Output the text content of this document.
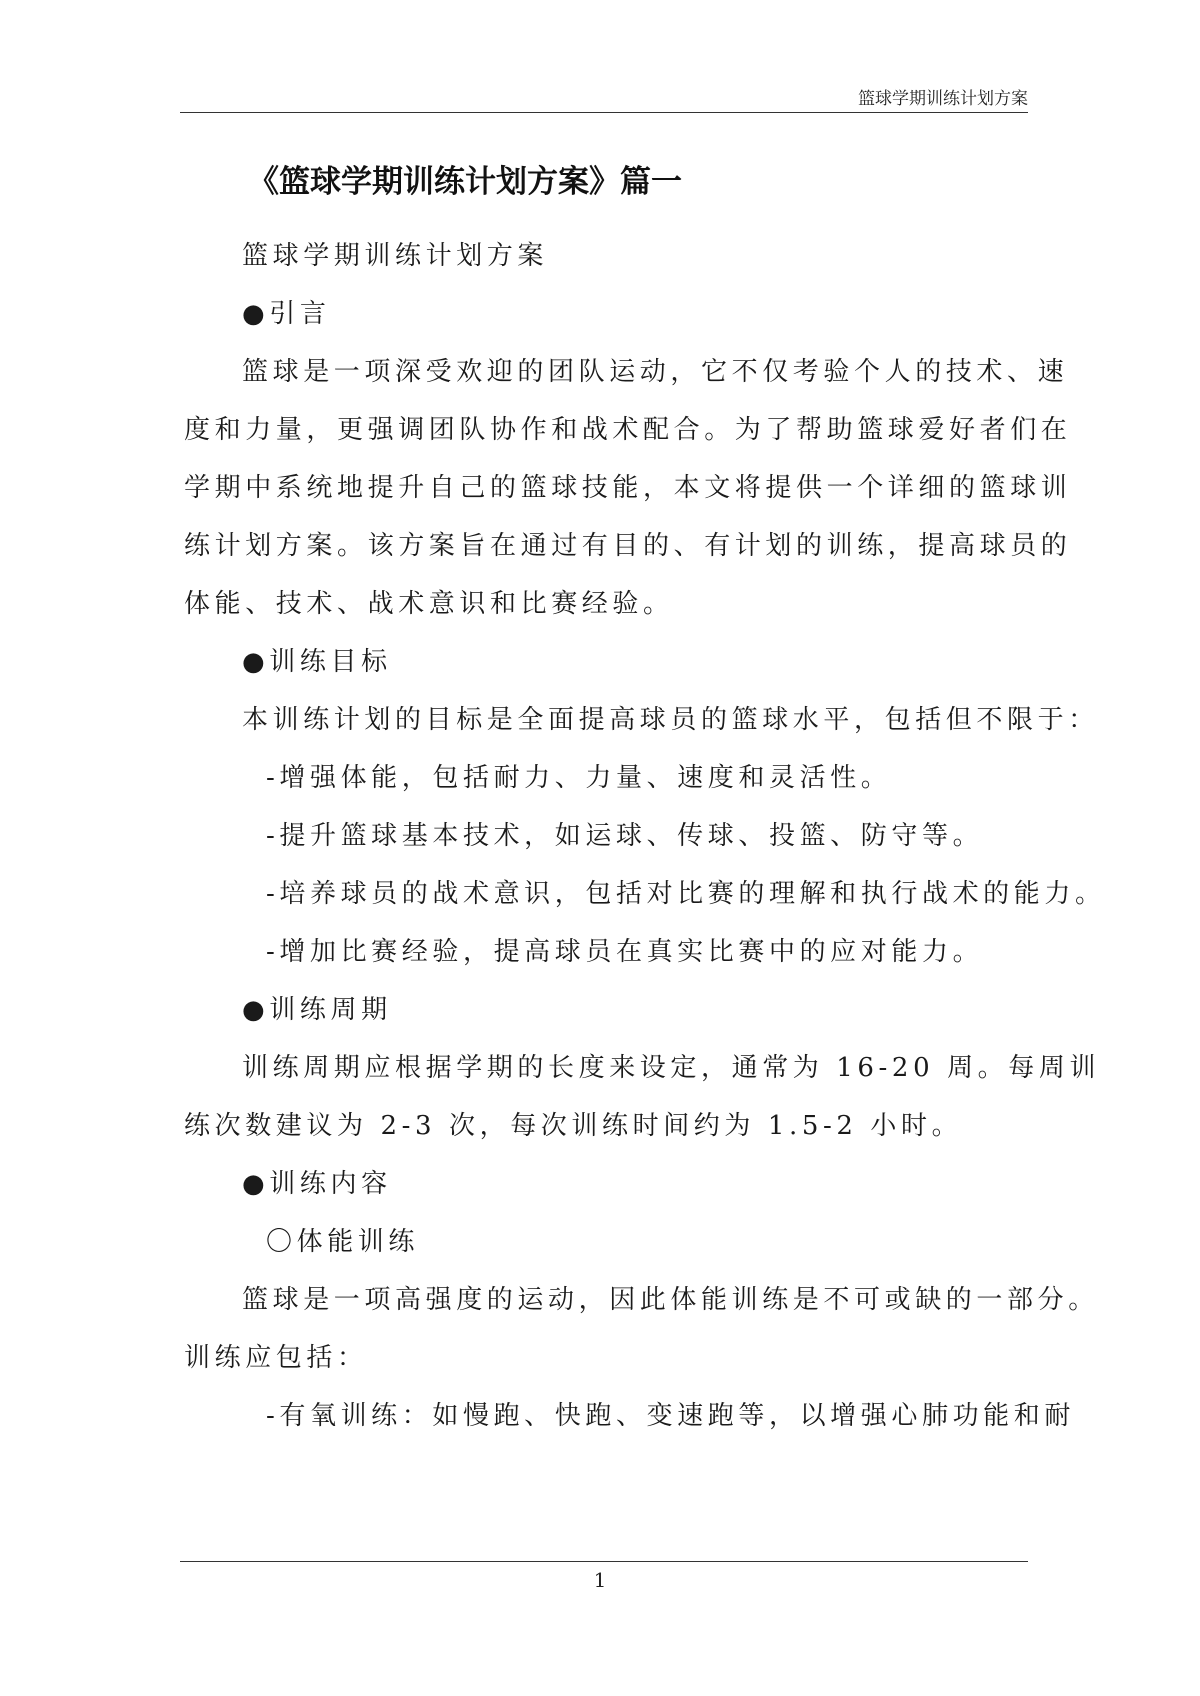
篮球学期训练计划方案
《篮球学期训练计划方案》篇一
篮球学期训练计划方案
●引言
篮球是一项深受欢迎的团队运动，它不仅考验个人的技术、速
度和力量，更强调团队协作和战术配合。为了帮助篮球爱好者们在
学期中系统地提升自己的篮球技能，本文将提供一个详细的篮球训
练计划方案。该方案旨在通过有目的、有计划的训练，提高球员的
体能、技术、战术意识和比赛经验。
●训练目标
本训练计划的目标是全面提高球员的篮球水平，包括但不限于：
-增强体能，包括耐力、力量、速度和灵活性。
-提升篮球基本技术，如运球、传球、投篮、防守等。
-培养球员的战术意识，包括对比赛的理解和执行战术的能力。
-增加比赛经验，提高球员在真实比赛中的应对能力。
●训练周期
训练周期应根据学期的长度来设定，通常为 16-20 周。每周训
练次数建议为 2-3 次，每次训练时间约为 1.5-2 小时。
●训练内容
〇体能训练
篮球是一项高强度的运动，因此体能训练是不可或缺的一部分。
训练应包括：
-有氧训练：如慢跑、快跑、变速跑等，以增强心肺功能和耐
1
